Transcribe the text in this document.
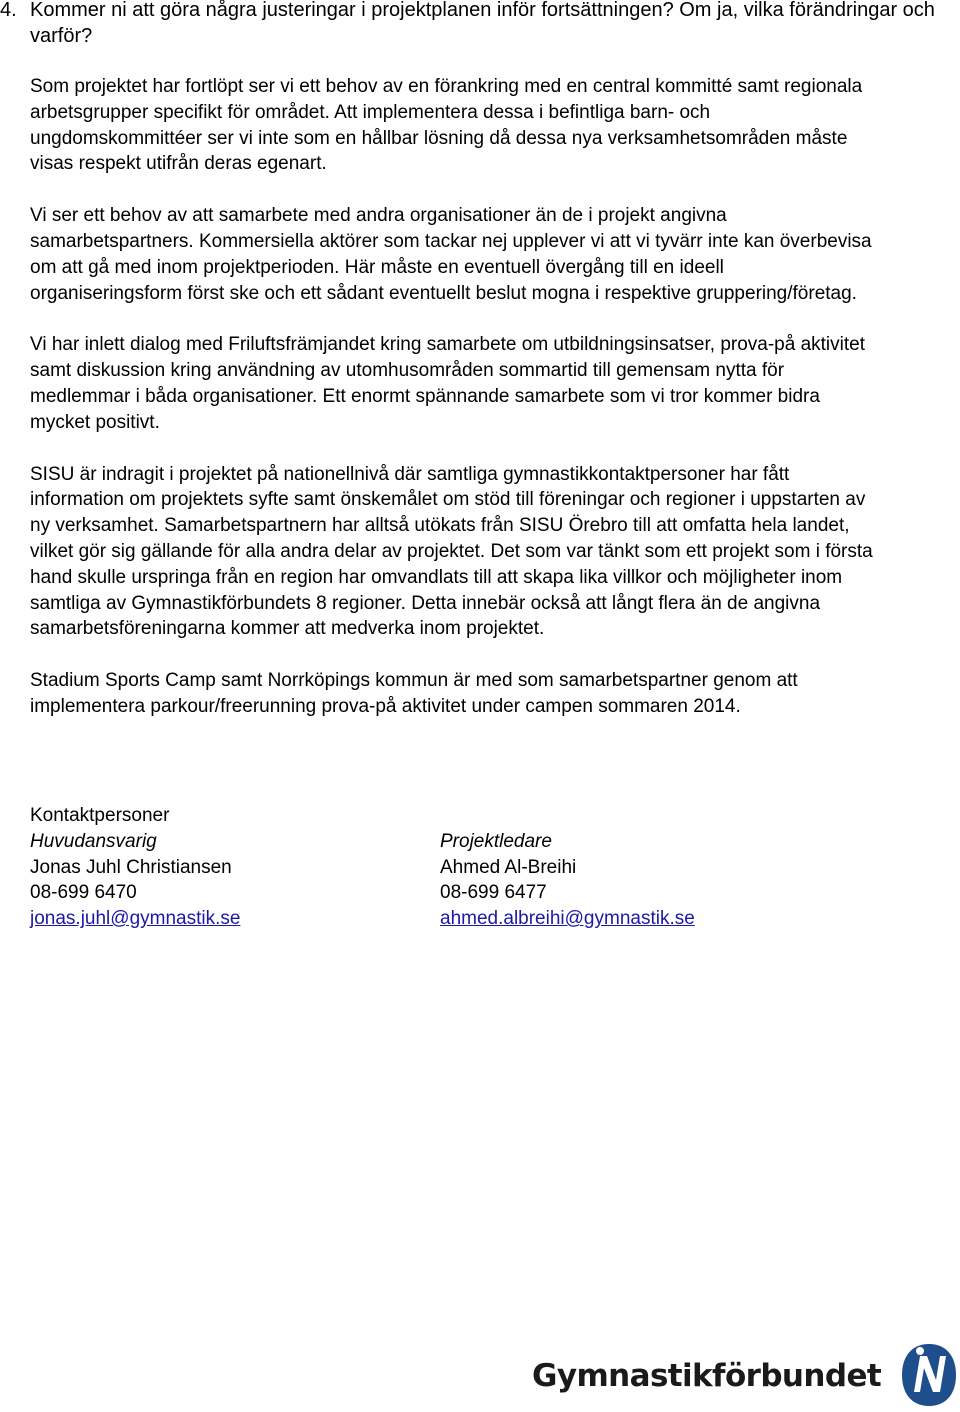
4. Kommer ni att göra några justeringar i projektplanen inför fortsättningen? Om ja, vilka förändringar och varför?

Som projektet har fortlöpt ser vi ett behov av en förankring med en central kommitté samt regionala arbetsgrupper specifikt för området. Att implementera dessa i befintliga barn- och ungdomskommittéer ser vi inte som en hållbar lösning då dessa nya verksamhetsområden måste visas respekt utifrån deras egenart.

Vi ser ett behov av att samarbete med andra organisationer än de i projekt angivna samarbetspartners. Kommersiella aktörer som tackar nej upplever vi att vi tyvärr inte kan överbevisa om att gå med inom projektperioden. Här måste en eventuell övergång till en ideell organiseringsform först ske och ett sådant eventuellt beslut mogna i respektive gruppering/företag.

Vi har inlett dialog med Friluftsfrämjandet kring samarbete om utbildningsinsatser, prova-på aktivitet samt diskussion kring användning av utomhusområden sommartid till gemensam nytta för medlemmar i båda organisationer. Ett enormt spännande samarbete som vi tror kommer bidra mycket positivt.

SISU är indragit i projektet på nationellnivå där samtliga gymnastikkontaktpersoner har fått information om projektets syfte samt önskemålet om stöd till föreningar och regioner i uppstarten av ny verksamhet. Samarbetspartnern har alltså utökats från SISU Örebro till att omfatta hela landet, vilket gör sig gällande för alla andra delar av projektet. Det som var tänkt som ett projekt som i första hand skulle urspringa från en region har omvandlats till att skapa lika villkor och möjligheter inom samtliga av Gymnastikförbundets 8 regioner. Detta innebär också att långt flera än de angivna samarbetsföreningarna kommer att medverka inom projektet.

Stadium Sports Camp samt Norrköpings kommun är med som samarbetspartner genom att implementera parkour/freerunning prova-på aktivitet under campen sommaren 2014.

Kontaktpersoner
Huvudansvarig
Jonas Juhl Christiansen
08-699 6470
jonas.juhl@gymnastik.se
Projektledare
Ahmed Al-Breihi
08-699 6477
ahmed.albreihi@gymnastik.se
Gymnastikförbundet
